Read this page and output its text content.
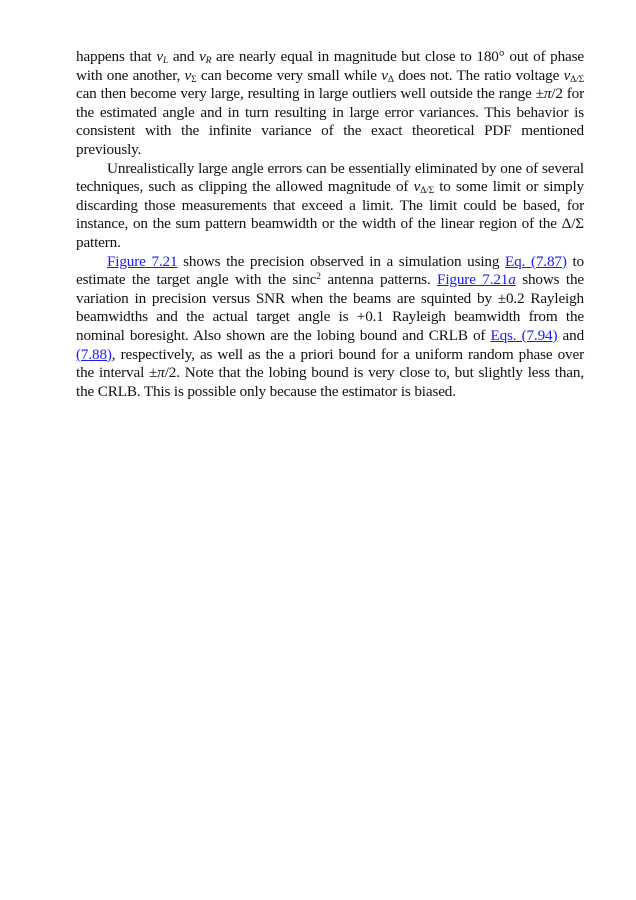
happens that $v_L$ and $v_R$ are nearly equal in magnitude but close to 180° out of phase with one another, $v_\Sigma$ can become very small while $v_\Delta$ does not. The ratio voltage $v_{\Delta/\Sigma}$ can then become very large, resulting in large outliers well outside the range ±π/2 for the estimated angle and in turn resulting in large error variances. This behavior is consistent with the infinite variance of the exact theoretical PDF mentioned previously.

Unrealistically large angle errors can be essentially eliminated by one of several techniques, such as clipping the allowed magnitude of $v_{\Delta/\Sigma}$ to some limit or simply discarding those measurements that exceed a limit. The limit could be based, for instance, on the sum pattern beamwidth or the width of the linear region of the Δ/Σ pattern.

Figure 7.21 shows the precision observed in a simulation using Eq. (7.87) to estimate the target angle with the sinc$^2$ antenna patterns. Figure 7.21a shows the variation in precision versus SNR when the beams are squinted by ±0.2 Rayleigh beamwidths and the actual target angle is +0.1 Rayleigh beamwidth from the nominal boresight. Also shown are the lobing bound and CRLB of Eqs. (7.94) and (7.88), respectively, as well as the a priori bound for a uniform random phase over the interval ±π/2. Note that the lobing bound is very close to, but slightly less than, the CRLB. This is possible only because the estimator is biased.
